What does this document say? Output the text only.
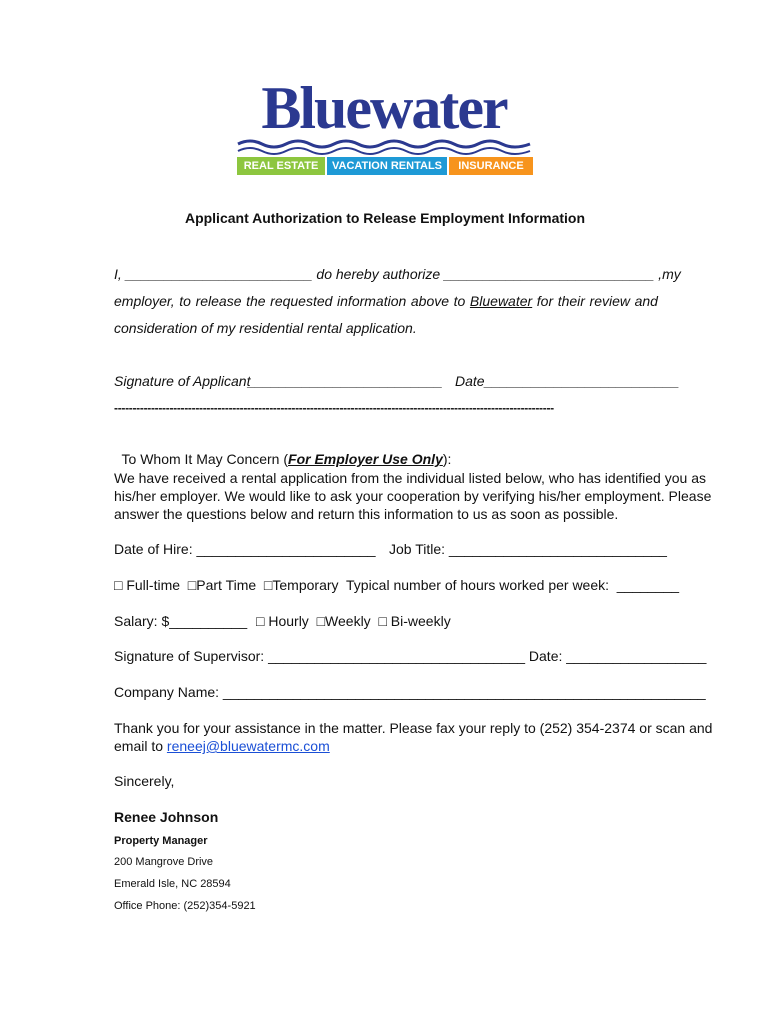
Bluewater
REAL ESTATE	VACATION RENTALS	INSURANCE
Applicant Authorization to Release Employment Information
I, ________________________ do hereby authorize ___________________________ , my
employer, to release the requested information above to Bluewater for their review and
consideration of my residential rental application.
Signature of Applicant
_________________________ Date_________________________
-----------------------------------------------------------------------------------------------------------------------

To Whom It May Concern (For Employer Use Only):

We have received a rental application from the individual listed below, who has identified you as
his/her employer. We would like to ask your cooperation by verifying his/her employment. Please
answer the questions below and return this information to us as soon as possible.
Date of Hire: _______________________ Job Title: ____________________________
□ Full-time  □Part Time  □Temporary Typical number of hours worked per week:  ________
Salary: $__________ □ Hourly  □Weekly  □ Bi-weekly
Signature of Supervisor: _________________________________ Date: __________________
Company Name: ______________________________________________________________
Thank you for your assistance in the matter. Please fax your reply to (252) 354-2374 or scan and
email to reneej@bluewatermc.com
Sincerely,
Renee Johnson
Property Manager
200 Mangrove Drive
Emerald Isle, NC 28594
Office Phone: (252)354-5921
